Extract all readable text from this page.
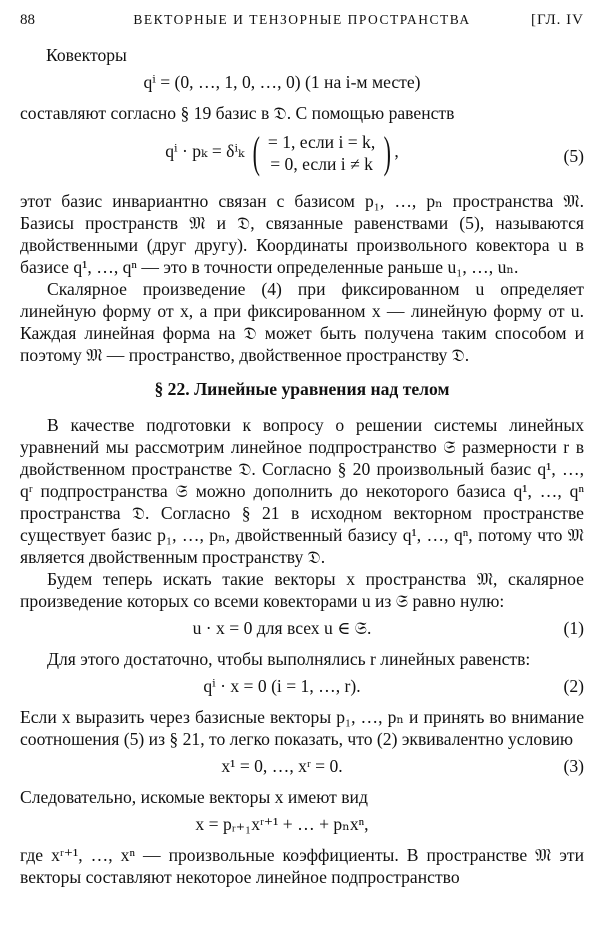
88	ВЕКТОРНЫЕ И ТЕНЗОРНЫЕ ПРОСТРАНСТВА	[ГЛ. IV

Ковекторы

qⁱ = (0, …, 1, 0, …, 0) (1 на i-м месте)

составляют согласно § 19 базис в 𝔇. С помощью равенств

qⁱ · pₖ = δⁱₖ ( = 1, если i = k,
= 0, если i ≠ k ) ,	(5)

этот базис инвариантно связан с базисом p₁, …, pₙ пространства 𝔐. Базисы пространств 𝔐 и 𝔇, связанные равенствами (5), называются двойственными (друг другу). Координаты произвольного ковектора u в базисе q¹, …, qⁿ — это в точности определенные раньше u₁, …, uₙ.

Скалярное произведение (4) при фиксированном u определяет линейную форму от x, а при фиксированном x — линейную форму от u. Каждая линейная форма на 𝔇 может быть получена таким способом и поэтому 𝔐 — пространство, двойственное пространству 𝔇.

§ 22. Линейные уравнения над телом

В качестве подготовки к вопросу о решении системы линейных уравнений мы рассмотрим линейное подпространство 𝔖 размерности r в двойственном пространстве 𝔇. Согласно § 20 произвольный базис q¹, …, qʳ подпространства 𝔖 можно дополнить до некоторого базиса q¹, …, qⁿ пространства 𝔇. Согласно § 21 в исходном векторном пространстве существует базис p₁, …, pₙ, двойственный базису q¹, …, qⁿ, потому что 𝔐 является двойственным пространству 𝔇.

Будем теперь искать такие векторы x пространства 𝔐, скалярное произведение которых со всеми ковекторами u из 𝔖 равно нулю:

u · x = 0 для всех u ∈ 𝔖.	(1)

Для этого достаточно, чтобы выполнялись r линейных равенств:

qⁱ · x = 0 (i = 1, …, r).	(2)

Если x выразить через базисные векторы p₁, …, pₙ и принять во внимание соотношения (5) из § 21, то легко показать, что (2) эквивалентно условию

x¹ = 0, …, xʳ = 0.	(3)

Следовательно, искомые векторы x имеют вид

x = pᵣ₊₁xʳ⁺¹ + … + pₙxⁿ,

где xʳ⁺¹, …, xⁿ — произвольные коэффициенты. В пространстве 𝔐 эти векторы составляют некоторое линейное подпространство
